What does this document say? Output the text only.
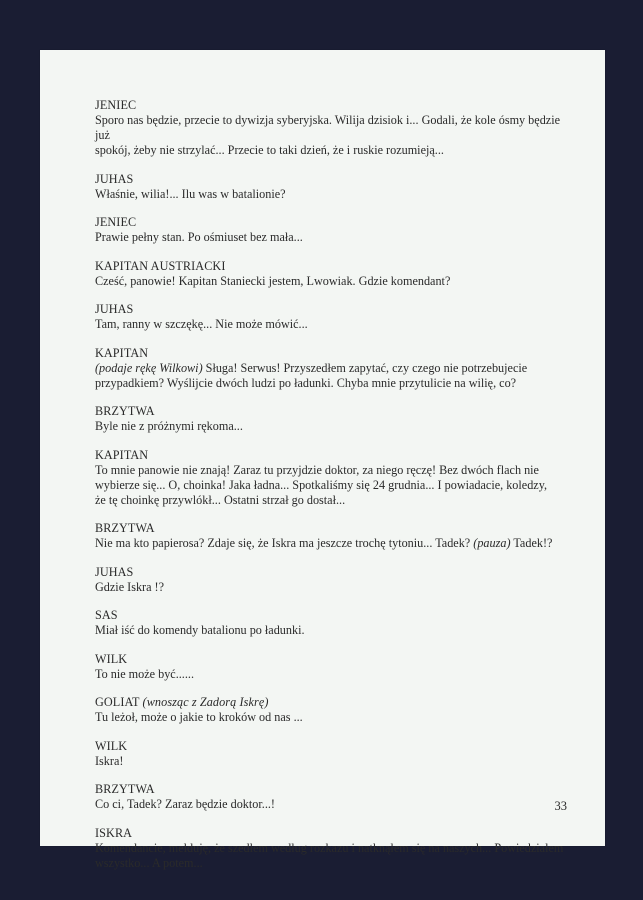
JENIEC
Sporo nas będzie, przecie to dywizja syberyjska. Wilija dzisiok i... Godali, że kole ósmy będzie już
spokój, żeby nie strzylać... Przecie to taki dzień, że i ruskie rozumieją...
JUHAS
Właśnie, wilia!... Ilu was w batalionie?
JENIEC
Prawie pełny stan. Po ośmiuset bez mała...
KAPITAN AUSTRIACKI
Cześć, panowie! Kapitan Staniecki jestem, Lwowiak. Gdzie komendant?
JUHAS
Tam, ranny w szczękę... Nie może mówić...
KAPITAN
(podaje rękę Wilkowi) Sługa! Serwus! Przyszedłem zapytać, czy czego nie potrzebujecie
przypadkiem? Wyślijcie dwóch ludzi po ładunki. Chyba mnie przytulicie na wilię, co?
BRZYTWA
Byle nie z próżnymi rękoma...
KAPITAN
To mnie panowie nie znają! Zaraz tu przyjdzie doktor, za niego ręczę! Bez dwóch flach nie
wybierze się... O, choinka! Jaka ładna... Spotkaliśmy się 24 grudnia... I powiadacie, koledzy,
że tę choinkę przywlókł... Ostatni strzał go dostał...
BRZYTWA
Nie ma kto papierosa? Zdaje się, że Iskra ma jeszcze trochę tytoniu... Tadek? (pauza) Tadek!?
JUHAS
Gdzie Iskra !?
SAS
Miał iść do komendy batalionu po ładunki.
WILK
To nie może być......
GOLIAT (wnosząc z Zadorą Iskrę)
Tu leżoł, może o jakie to kroków od nas ...
WILK
Iskra!
BRZYTWA
Co ci, Tadek? Zaraz będzie doktor...!
ISKRA
Komendancie, melduję, że szedłem według rozkazu i natknąłem się na naszych... Powiedziałem
wszystko... A potem...
33
